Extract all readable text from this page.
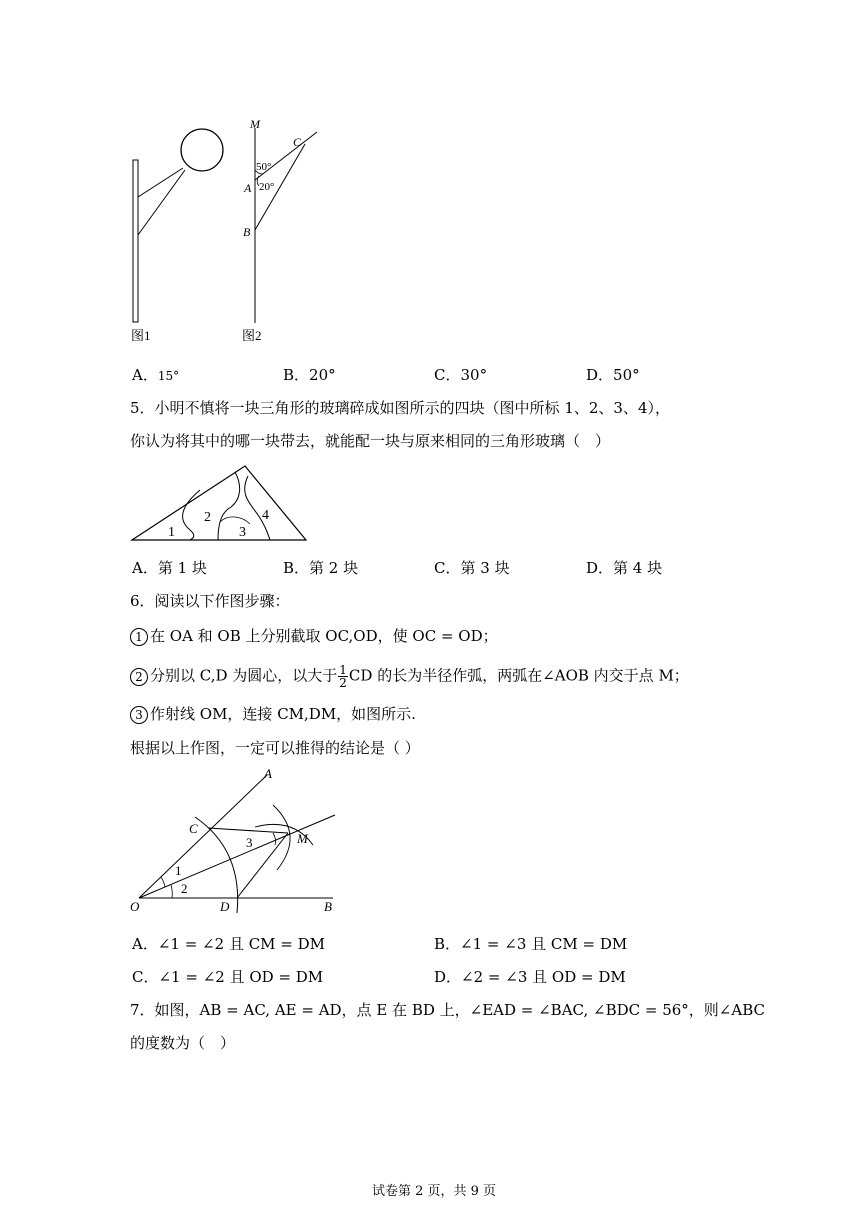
M
C
50°
A 20°
B
图1	图2
A．15°	B．20°	C．30°	D．50°
5．小明不慎将一块三角形的玻璃碎成如图所示的四块（图中所标 1、2、3、4），
你认为将其中的哪一块带去，就能配一块与原来相同的三角形玻璃（　）
1
2
3
4
A．第 1 块	B．第 2 块	C．第 3 块	D．第 4 块
6．阅读以下作图步骤：
1 在 OA 和 OB 上分别截取 OC,OD，使 OC = OD；
2 分别以 C,D 为圆心，以大于 $\frac{1}{2}$ CD 的长为半径作弧，两弧在∠AOB 内交于点 M；
3 作射线 OM，连接 CM,DM，如图所示.
根据以上作图，一定可以推得的结论是（ ）
A
C
M
3
1
2
O	D	B
A．∠1 = ∠2 且 CM = DM	B．∠1 = ∠3 且 CM = DM
C．∠1 = ∠2 且 OD = DM	D．∠2 = ∠3 且 OD = DM
7．如图，AB = AC, AE = AD，点 E 在 BD 上，∠EAD = ∠BAC, ∠BDC = 56°，则∠ABC
的度数为（　）
试卷第 2 页，共 9 页
